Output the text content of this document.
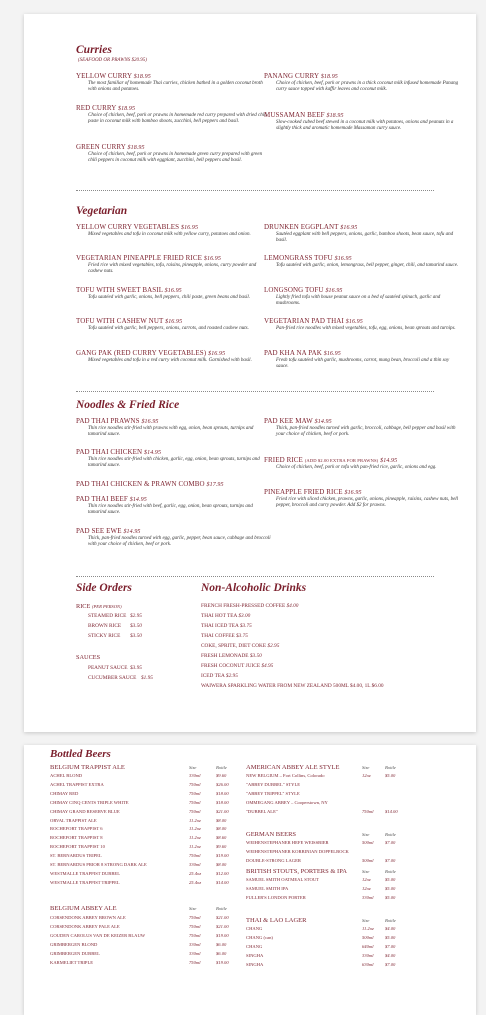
Curries
(SEAFOOD OR PRAWNS $20.95)
YELLOW CURRY $18.95
The most familiar of homemade Thai curries, chicken bathed in a golden coconut broth with onions and potatoes.
RED CURRY $18.95
Choice of chicken, beef, pork or prawns in homemade red curry prepared with dried chili paste in coconut milk with bamboo shoots, zucchini, bell peppers and basil.
GREEN CURRY $18.95
Choice of chicken, beef, pork or prawns in homemade green curry prepared with green chili peppers in coconut milk with eggplant, zucchini, bell peppers and basil.
PANANG CURRY $18.95
Choice of chicken, beef, pork or prawns in a thick coconut milk infused homemade Panang curry sauce topped with kaffir leaves and coconut milk.
MUSSAMAN BEEF $18.95
Slow-cooked cubed beef stewed in a coconut milk with potatoes, onions and peanuts in a slightly thick and aromatic homemade Massaman curry sauce.
Vegetarian
YELLOW CURRY VEGETABLES $16.95
Mixed vegetables and tofu in coconut milk with yellow curry, potatoes and onion.
VEGETARIAN PINEAPPLE FRIED RICE $16.95
Fried rice with mixed vegetables, tofu, raisins, pineapple, onions, curry powder and cashew nuts.
TOFU WITH SWEET BASIL $16.95
Tofu sautéed with garlic, onions, bell peppers, chili paste, green beans and basil.
TOFU WITH CASHEW NUT $16.95
Tofu sautéed with garlic, bell peppers, onions, carrots, and roasted cashew nuts.
GANG PAK (RED CURRY VEGETABLES) $16.95
Mixed vegetables and tofu in a red curry with coconut milk. Garnished with basil.
DRUNKEN EGGPLANT $16.95
Sautéed eggplant with bell peppers, onions, garlic, bamboo shoots, bean sauce, tofu and basil.
LEMONGRASS TOFU $16.95
Tofu sautéed with garlic, onion, lemongrass, bell pepper, ginger, chili, and tamarind sauce.
LONGSONG TOFU $16.95
Lightly fried tofu with house peanut sauce on a bed of sautéed spinach, garlic and mushrooms.
VEGETARIAN PAD THAI $16.95
Pan-fried rice noodles with mixed vegetables, tofu, egg, onions, bean sprouts and turnips.
PAD KHA NA PAK $16.95
Fresh tofu sautéed with garlic, mushrooms, carrot, mung bean, broccoli and a thin soy sauce.
Noodles & Fried Rice
PAD THAI PRAWNS $16.95
Thin rice noodles stir-fried with prawns with egg, onion, bean sprouts, turnips and tamarind sauce.
PAD THAI CHICKEN $14.95
Thin rice noodles stir-fried with chicken, garlic, egg, onion, bean sprouts, turnips and tamarind sauce.
PAD THAI CHICKEN & PRAWN COMBO $17.95
PAD THAI BEEF $14.95
Thin rice noodles stir-fried with beef, garlic, egg, onion, bean sprouts, turnips and tamarind sauce.
PAD SEE EWE $14.95
Thick, pan-fried noodles turned with egg, garlic, pepper, bean sauce, cabbage and broccoli with your choice of chicken, beef or pork.
PAD KEE MAW $14.95
Thick, pan-fried noodles turned with garlic, broccoli, cabbage, bell pepper and basil with your choice of chicken, beef or pork.
FRIED RICE (ADD $2.00 EXTRA FOR PRAWNS) $14.95
Choice of chicken, beef, pork or tofu with pan-fried rice, garlic, onions and egg.
PINEAPPLE FRIED RICE $16.95
Fried rice with sliced chicken, prawns, garlic, onions, pineapple, raisins, cashew nuts, bell pepper, broccoli and curry powder. Add $2 for prawns.
Side Orders
RICE (PER PERSON)
STEAMED RICE $2.95
BROWN RICE $3.50
STICKY RICE $3.50
SAUCES
PEANUT SAUCE $3.95
CUCUMBER SAUCE $1.95
Non-Alcoholic Drinks
FRENCH FRESH-PRESSED COFFEE $4.00
THAI HOT TEA $3.00
THAI ICED TEA $3.75
THAI COFFEE $3.75
COKE, SPRITE, DIET COKE $2.95
FRESH LEMONADE $3.50
FRESH COCONUT JUICE $4.95
ICED TEA $2.95
WAIWERA SPARKLING WATER FROM NEW ZEALAND 500ML $4.00, 1L $6.00
Bottled Beers
BELGIUM TRAPPIST ALE	Size	Bottle
ACHEL BLOND	330ml	$9.60
ACHEL TRAPPIST EXTRA	750ml	$26.00
CHIMAY RED	750ml	$18.00
CHIMAY CINQ CENTS TRIPLE WHITE	750ml	$18.00
CHIMAY GRAND RESERVE BLUE	750ml	$21.00
ORVAL TRAPPIST ALE	11.2oz	$8.00
ROCHEFORT TRAPPIST 6	11.2oz	$8.00
ROCHEFORT TRAPPIST 8	11.2oz	$8.60
ROCHEFORT TRAPPIST 10	11.2oz	$9.60
ST. BERNARDUS TRIPEL	750ml	$19.00
ST. BERNARDUS PRIOR 8 STRONG DARK ALE	330ml	$8.00
WESTMALLE TRAPPIST DUBBEL	25.4oz	$12.00
WESTMALLE TRAPPIST TRIPPEL	25.4oz	$14.00
BELGIUM ABBEY ALE	Size	Bottle
CORSENDONK ABBEY BROWN ALE	750ml	$21.00
CORSENDONK ABBEY PALE ALE	750ml	$21.00
GOUDEN CAROLUS VAN DE KEIZER BLAUW	750ml	$19.00
GRIMBERGEN BLOND	330ml	$6.00
GRIMBERGEN DUBBEL	330ml	$6.00
KARMELIET TRIPLE	750ml	$19.00
AMERICAN ABBEY ALE STYLE	Size	Bottle
NEW BELGIUM – Fort Collins, Colorado	12oz	$5.00
"ABBEY DUBBEL" STYLE
"ABBEY TRIPPEL" STYLE
OMMEGANG ABBEY – Cooperstown, NY
"DUBBEL ALE"	750ml	$14.00
GERMAN BEERS	Size	Bottle
WEIHENSTEPHANER HEFE WEISSBIER	500ml	$7.00
WEIHENSTEPHANER KORBINIAN DOPPELBOCK
DOUBLE-STRONG LAGER	500ml	$7.00
BRITISH STOUTS, PORTERS & IPA	Size	Bottle
SAMUEL SMITH OATMEAL STOUT	12oz	$5.00
SAMUEL SMITH IPA	12oz	$5.00
FULLER'S LONDON PORTER	330ml	$5.00
THAI & LAO LAGER	Size	Bottle
CHANG	11.2oz $4.00
CHANG (can)	500ml	$5.00
CHANG	640ml	$7.00
SINGHA	330ml	$4.00
SINGHA	630ml	$7.00
